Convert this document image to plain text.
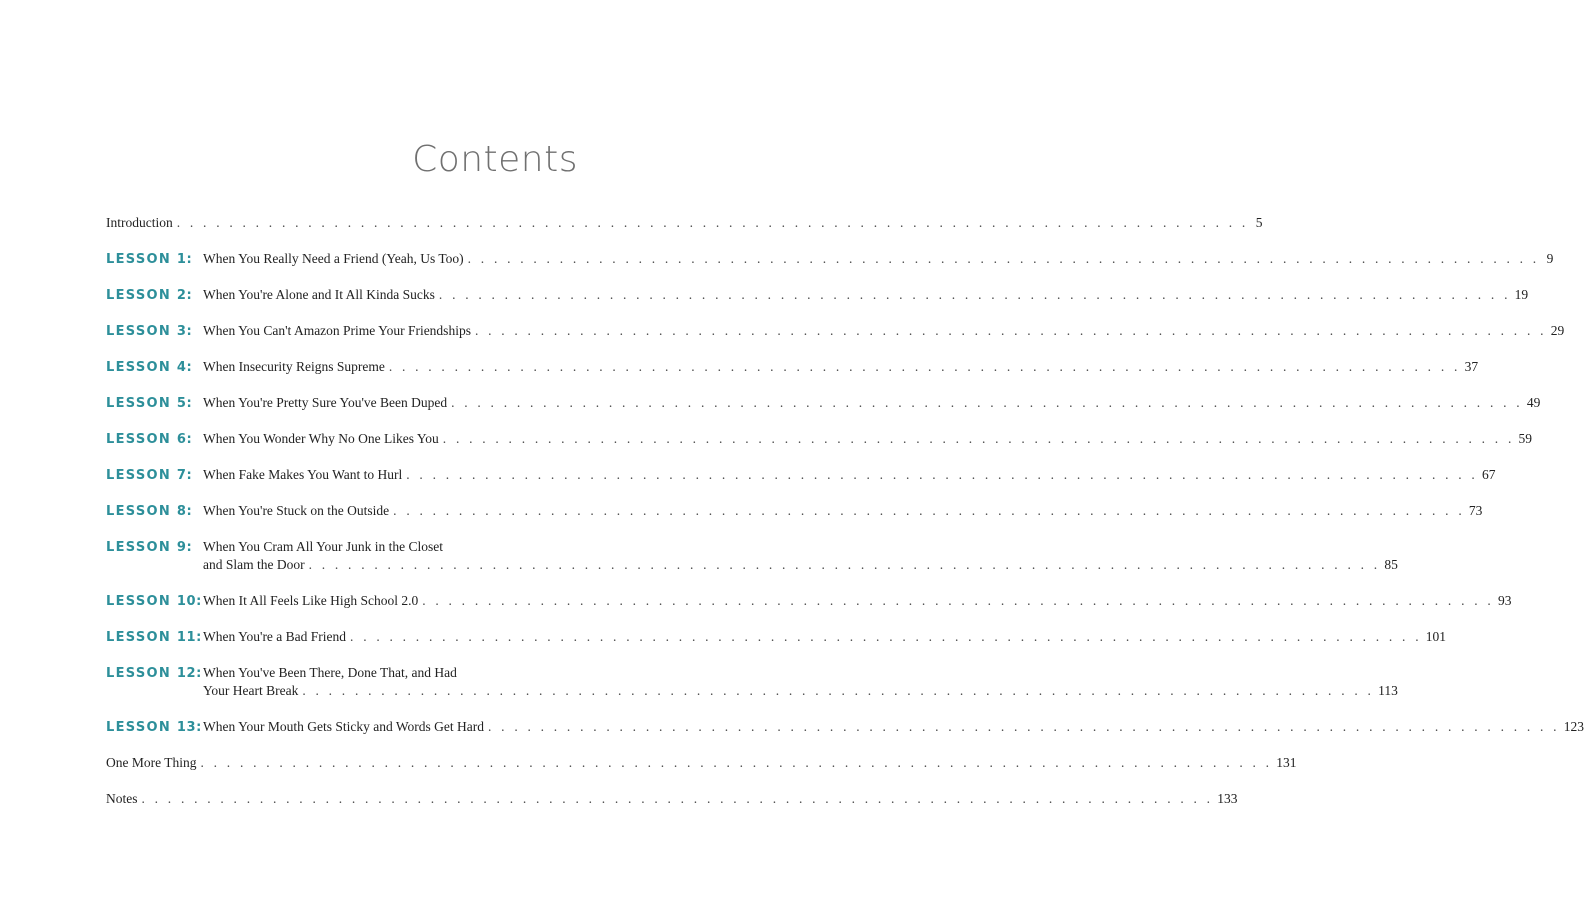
Contents
Introduction . . . . . . . . . . . . . . . . . . . . . . . . . . . . . . . . . . . . . . . . . . . . . . . . . . . . . . . . . . . . . . . . . . . . . . . . . . . . . . . . . . 5
LESSON 1: When You Really Need a Friend (Yeah, Us Too) . . . . . . . . . . . . . . . . . . . . . . . . . . . . . . . . . . . . . . . . . . . . . . . . . . . . . . . . . . . . . . . . . . . . . . . . . . . . . . . . . . 9
LESSON 2: When You're Alone and It All Kinda Sucks . . . . . . . . . . . . . . . . . . . . . . . . . . . . . . . . . . . . . . . . . . . . . . . . . . . . . . . . . . . . . . . . . . . . . . . . . . . . . . . . . . 19
LESSON 3: When You Can't Amazon Prime Your Friendships . . . . . . . . . . . . . . . . . . . . . . . . . . . . . . . . . . . . . . . . . . . . . . . . . . . . . . . . . . . . . . . . . . . . . . . . . . . . . . . . . . 29
LESSON 4: When Insecurity Reigns Supreme . . . . . . . . . . . . . . . . . . . . . . . . . . . . . . . . . . . . . . . . . . . . . . . . . . . . . . . . . . . . . . . . . . . . . . . . . . . . . . . . . . 37
LESSON 5: When You're Pretty Sure You've Been Duped . . . . . . . . . . . . . . . . . . . . . . . . . . . . . . . . . . . . . . . . . . . . . . . . . . . . . . . . . . . . . . . . . . . . . . . . . . . . . . . . . . 49
LESSON 6: When You Wonder Why No One Likes You . . . . . . . . . . . . . . . . . . . . . . . . . . . . . . . . . . . . . . . . . . . . . . . . . . . . . . . . . . . . . . . . . . . . . . . . . . . . . . . . . . 59
LESSON 7: When Fake Makes You Want to Hurl . . . . . . . . . . . . . . . . . . . . . . . . . . . . . . . . . . . . . . . . . . . . . . . . . . . . . . . . . . . . . . . . . . . . . . . . . . . . . . . . . . 67
LESSON 8: When You're Stuck on the Outside . . . . . . . . . . . . . . . . . . . . . . . . . . . . . . . . . . . . . . . . . . . . . . . . . . . . . . . . . . . . . . . . . . . . . . . . . . . . . . . . . . 73
LESSON 9: When You Cram All Your Junk in the Closet
and Slam the Door . . . . . . . . . . . . . . . . . . . . . . . . . . . . . . . . . . . . . . . . . . . . . . . . . . . . . . . . . . . . . . . . . . . . . . . . . . . . . . . . . . 85
LESSON 10: When It All Feels Like High School 2.0 . . . . . . . . . . . . . . . . . . . . . . . . . . . . . . . . . . . . . . . . . . . . . . . . . . . . . . . . . . . . . . . . . . . . . . . . . . . . . . . . . . 93
LESSON 11: When You're a Bad Friend . . . . . . . . . . . . . . . . . . . . . . . . . . . . . . . . . . . . . . . . . . . . . . . . . . . . . . . . . . . . . . . . . . . . . . . . . . . . . . . . . . 101
LESSON 12: When You've Been There, Done That, and Had
Your Heart Break . . . . . . . . . . . . . . . . . . . . . . . . . . . . . . . . . . . . . . . . . . . . . . . . . . . . . . . . . . . . . . . . . . . . . . . . . . . . . . . . . . 113
LESSON 13: When Your Mouth Gets Sticky and Words Get Hard . . . . . . . . . . . . . . . . . . . . . . . . . . . . . . . . . . . . . . . . . . . . . . . . . . . . . . . . . . . . . . . . . . . . . . . . . . . . . . . . . . 123
One More Thing . . . . . . . . . . . . . . . . . . . . . . . . . . . . . . . . . . . . . . . . . . . . . . . . . . . . . . . . . . . . . . . . . . . . . . . . . . . . . . . . . . 131
Notes . . . . . . . . . . . . . . . . . . . . . . . . . . . . . . . . . . . . . . . . . . . . . . . . . . . . . . . . . . . . . . . . . . . . . . . . . . . . . . . . . . 133
